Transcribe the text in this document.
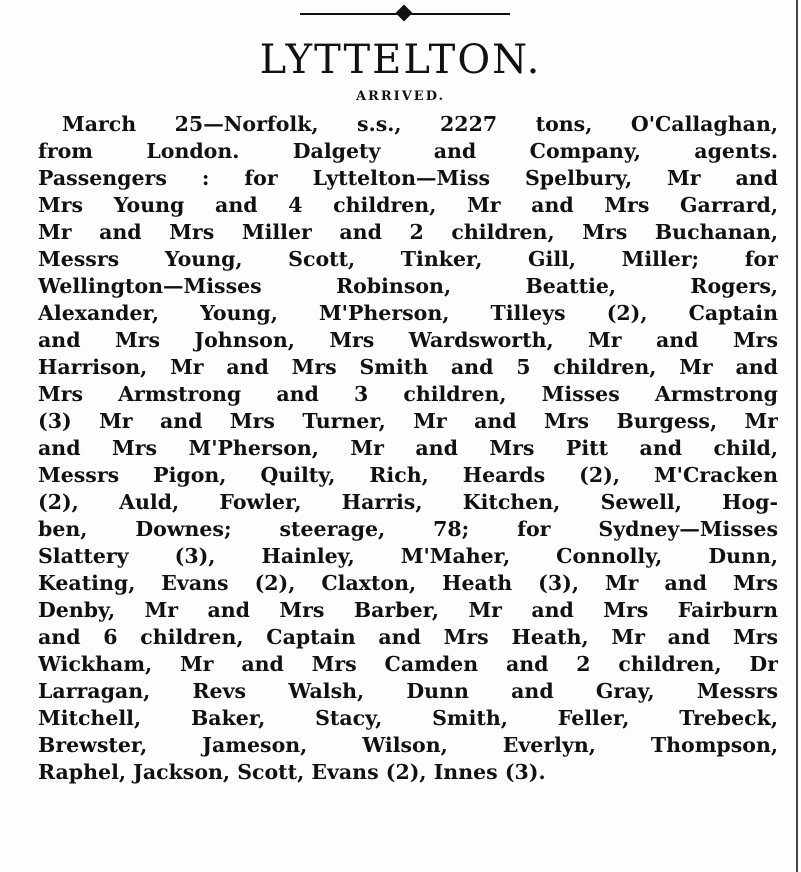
LYTTELTON.
ARRIVED.
March 25—Norfolk, s.s., 2227 tons, O'Callaghan,
from London. Dalgety and Company, agents.
Passengers : for Lyttelton—Miss Spelbury, Mr and
Mrs Young and 4 children, Mr and Mrs Garrard,
Mr and Mrs Miller and 2 children, Mrs Buchanan,
Messrs Young, Scott, Tinker, Gill, Miller; for
Wellington—Misses Robinson, Beattie, Rogers,
Alexander, Young, M'Pherson, Tilleys (2), Captain
and Mrs Johnson, Mrs Wardsworth, Mr and Mrs
Harrison, Mr and Mrs Smith and 5 children, Mr and
Mrs Armstrong and 3 children, Misses Armstrong
(3) Mr and Mrs Turner, Mr and Mrs Burgess, Mr
and Mrs M'Pherson, Mr and Mrs Pitt and child,
Messrs Pigon, Quilty, Rich, Heards (2), M'Cracken
(2), Auld, Fowler, Harris, Kitchen, Sewell, Hog-
ben, Downes; steerage, 78; for Sydney—Misses
Slattery (3), Hainley, M'Maher, Connolly, Dunn,
Keating, Evans (2), Claxton, Heath (3), Mr and Mrs
Denby, Mr and Mrs Barber, Mr and Mrs Fairburn
and 6 children, Captain and Mrs Heath, Mr and Mrs
Wickham, Mr and Mrs Camden and 2 children, Dr
Larragan, Revs Walsh, Dunn and Gray, Messrs
Mitchell, Baker, Stacy, Smith, Feller, Trebeck,
Brewster, Jameson, Wilson, Everlyn, Thompson,
Raphel, Jackson, Scott, Evans (2), Innes (3).
